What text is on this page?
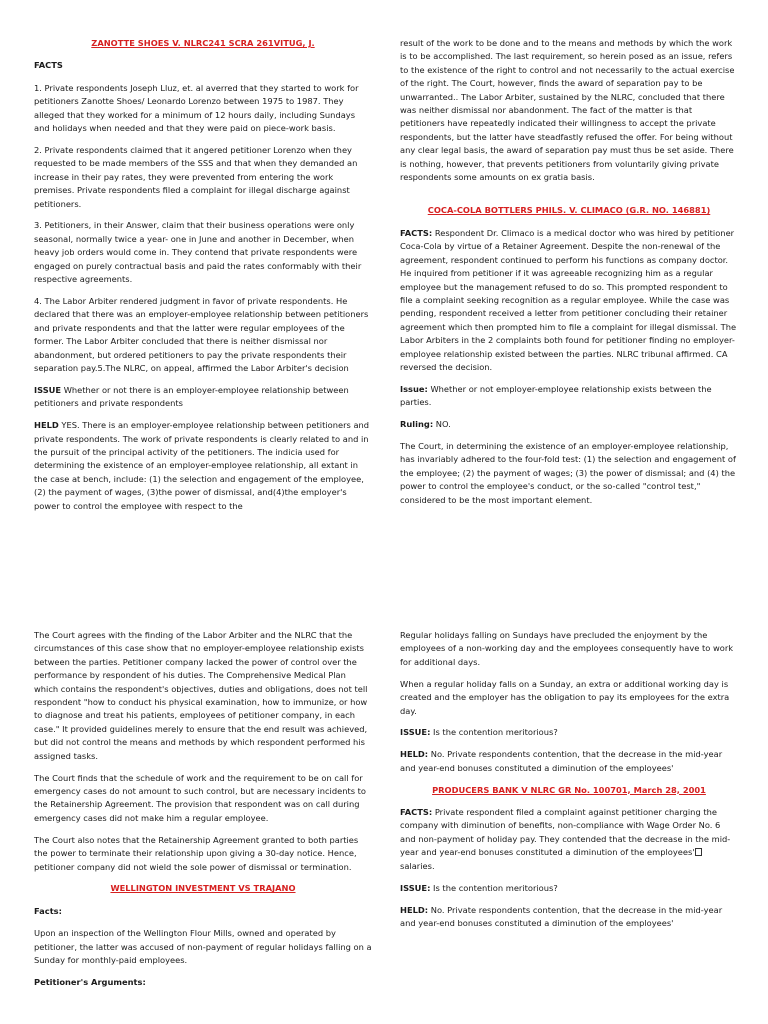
ZANOTTE SHOES V. NLRC241 SCRA 261VITUG, J.
FACTS

1. Private respondents Joseph Lluz, et. al averred that they started to work for petitioners Zanotte Shoes/ Leonardo Lorenzo between 1975 to 1987. They alleged that they worked for a minimum of 12 hours daily, including Sundays and holidays when needed and that they were paid on piece-work basis.

2. Private respondents claimed that it angered petitioner Lorenzo when they requested to be made members of the SSS and that when they demanded an increase in their pay rates, they were prevented from entering the work premises. Private respondents filed a complaint for illegal discharge against petitioners.

3. Petitioners, in their Answer, claim that their business operations were only seasonal, normally twice a year- one in June and another in December, when heavy job orders would come in. They contend that private respondents were engaged on purely contractual basis and paid the rates conformably with their respective agreements.

4. The Labor Arbiter rendered judgment in favor of private respondents. He declared that there was an employer-employee relationship between petitioners and private respondents and that the latter were regular employees of the former. The Labor Arbiter concluded that there is neither dismissal nor abandonment, but ordered petitioners to pay the private respondents their separation pay.5.The NLRC, on appeal, affirmed the Labor Arbiter's decision

ISSUE Whether or not there is an employer-employee relationship between petitioners and private respondents

HELD YES. There is an employer-employee relationship between petitioners and private respondents. The work of private respondents is clearly related to and in the pursuit of the principal activity of the petitioners. The indicia used for determining the existence of an employer-employee relationship, all extant in the case at bench, include: (1) the selection and engagement of the employee, (2) the payment of wages, (3)the power of dismissal, and(4)the employer's power to control the employee with respect to the

result of the work to be done and to the means and methods by which the work is to be accomplished. The last requirement, so herein posed as an issue, refers to the existence of the right to control and not necessarily to the actual exercise of the right. The Court, however, finds the award of separation pay to be unwarranted.. The Labor Arbiter, sustained by the NLRC, concluded that there was neither dismissal nor abandonment. The fact of the matter is that petitioners have repeatedly indicated their willingness to accept the private respondents, but the latter have steadfastly refused the offer. For being without any clear legal basis, the award of separation pay must thus be set aside. There is nothing, however, that prevents petitioners from voluntarily giving private respondents some amounts on ex gratia basis.

COCA-COLA BOTTLERS PHILS. V. CLIMACO (G.R. NO. 146881)

FACTS: Respondent Dr. Climaco is a medical doctor who was hired by petitioner Coca-Cola by virtue of a Retainer Agreement. Despite the non-renewal of the agreement, respondent continued to perform his functions as company doctor. He inquired from petitioner if it was agreeable recognizing him as a regular employee but the management refused to do so. This prompted respondent to file a complaint seeking recognition as a regular employee. While the case was pending, respondent received a letter from petitioner concluding their retainer agreement which then prompted him to file a complaint for illegal dismissal. The Labor Arbiters in the 2 complaints both found for petitioner finding no employer-employee relationship existed between the parties. NLRC tribunal affirmed. CA reversed the decision.

Issue: Whether or not employer-employee relationship exists between the parties.

Ruling: NO.

The Court, in determining the existence of an employer-employee relationship, has invariably adhered to the four-fold test: (1) the selection and engagement of the employee; (2) the payment of wages; (3) the power of dismissal; and (4) the power to control the employee's conduct, or the so-called "control test," considered to be the most important element.

The Court agrees with the finding of the Labor Arbiter and the NLRC that the circumstances of this case show that no employer-employee relationship exists between the parties. Petitioner company lacked the power of control over the performance by respondent of his duties. The Comprehensive Medical Plan which contains the respondent's objectives, duties and obligations, does not tell respondent "how to conduct his physical examination, how to immunize, or how to diagnose and treat his patients, employees of petitioner company, in each case." It provided guidelines merely to ensure that the end result was achieved, but did not control the means and methods by which respondent performed his assigned tasks.

The Court finds that the schedule of work and the requirement to be on call for emergency cases do not amount to such control, but are necessary incidents to the Retainership Agreement. The provision that respondent was on call during emergency cases did not make him a regular employee.

The Court also notes that the Retainership Agreement granted to both parties the power to terminate their relationship upon giving a 30-day notice. Hence, petitioner company did not wield the sole power of dismissal or termination.

WELLINGTON INVESTMENT VS TRAJANO
Facts:

Upon an inspection of the Wellington Flour Mills, owned and operated by petitioner, the latter was accused of non-payment of regular holidays falling on a Sunday for monthly-paid employees.

Petitioner's Arguments:

Regular holidays falling on Sundays have precluded the enjoyment by the employees of a non-working day and the employees consequently have to work for additional days.

When a regular holiday falls on a Sunday, an extra or additional working day is created and the employer has the obligation to pay its employees for the extra day.

ISSUE: Is the contention meritorious?

HELD: No. Private respondents contention, that the decrease in the mid-year and year-end bonuses constituted a diminution of the employees'

PRODUCERS BANK V NLRC GR No. 100701, March 28, 2001

FACTS: Private respondent filed a complaint against petitioner charging the company with diminution of benefits, non-compliance with Wage Order No. 6 and non-payment of holiday pay. They contended that the decrease in the mid-year and year-end bonuses constituted a diminution of the employees' salaries.

ISSUE: Is the contention meritorious?

HELD: No. Private respondents contention, that the decrease in the mid-year and year-end bonuses constituted a diminution of the employees'
